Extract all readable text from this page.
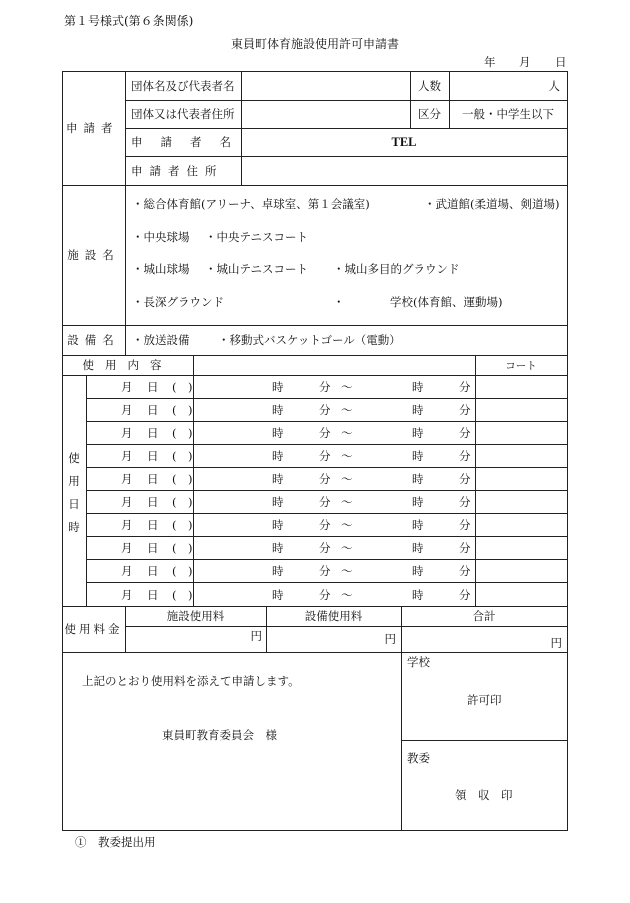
第１号様式(第６条関係)
東員町体育施設使用許可申請書
年 月 日
申請者
団体名及び代表者名	人数	人
団体又は代表者住所	区分	一般・中学生以下
申請者名	TEL
申請者住所
施設名
・総合体育館(アリーナ、卓球室、第１会議室)	・武道館(柔道場、剣道場)
・中央球場 ・中央テニスコート
・城山球場 ・城山テニスコート ・城山多目的グラウンド
・長深グラウンド	・	学校(体育館、運動場)
設備名 ・放送設備 ・移動式バスケットゴール（電動）
使用内容	コート
使
用
日
時
月 日 (　)	時	分 〜	時	分
月 日 (　)	時	分 〜	時	分
月 日 (　)	時	分 〜	時	分
月 日 (　)	時	分 〜	時	分
月 日 (　)	時	分 〜	時	分
月 日 (　)	時	分 〜	時	分
月 日 (　)	時	分 〜	時	分
月 日 (　)	時	分 〜	時	分
月 日 (　)	時	分 〜	時	分
月 日 (　)	時	分 〜	時	分
使用料金
施設使用料	設備使用料	合計
円	円	円
上記のとおり使用料を添えて申請します。
東員町教育委員会　様
学校
許可印
教委
領　収　印
①　教委提出用
